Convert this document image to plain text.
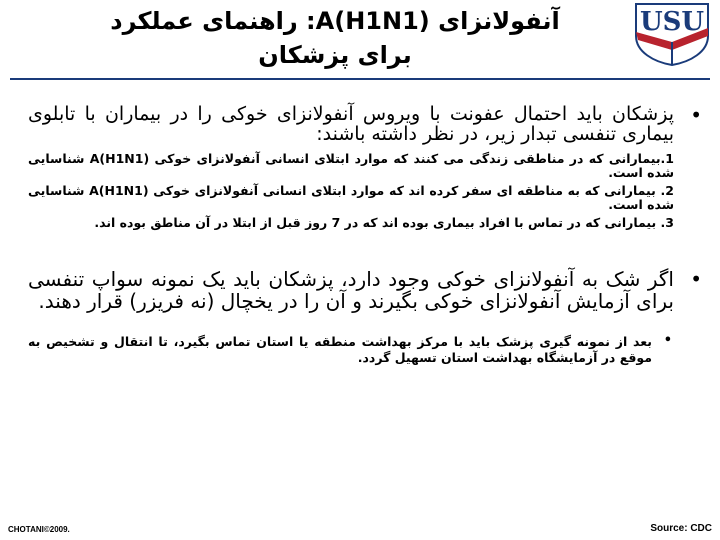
آنفولانزای A(H1N1): راهنمای عملکرد
برای پزشکان
USU
•

پزشکان باید احتمال عفونت با ویروس آنفولانزای خوکی را در بیماران با تابلوی بیماری تنفسی تبدار زیر، در نظر داشته باشند:

1.بیمارانی که در مناطقی زندگی می کنند که موارد ابتلای انسانی آنفولانزای خوکی (H1N1)A شناسایی شده است.

2. بیمارانی که به مناطقه ای سفر کرده اند که موارد ابتلای انسانی آنفولانزای خوکی (H1N1)A شناسایی شده است.

3. بیمارانی که در تماس با افراد بیماری بوده اند که در 7 روز قبل از ابتلا در آن مناطق بوده اند.

•

اگر شک به آنفولانزای خوکی وجود دارد، پزشکان باید یک نمونه سواپ تنفسی برای آزمایش آنفولانزای خوکی بگیرند و آن را در یخچال (نه فریزر) قرار دهند.

•

بعد از نمونه گیری پزشک باید با مرکز بهداشت منطقه یا استان تماس بگیرد، تا انتقال و تشخیص به موقع در آزمایشگاه بهداشت استان تسهیل گردد.

CHOTANI©2009.	Source: CDC
